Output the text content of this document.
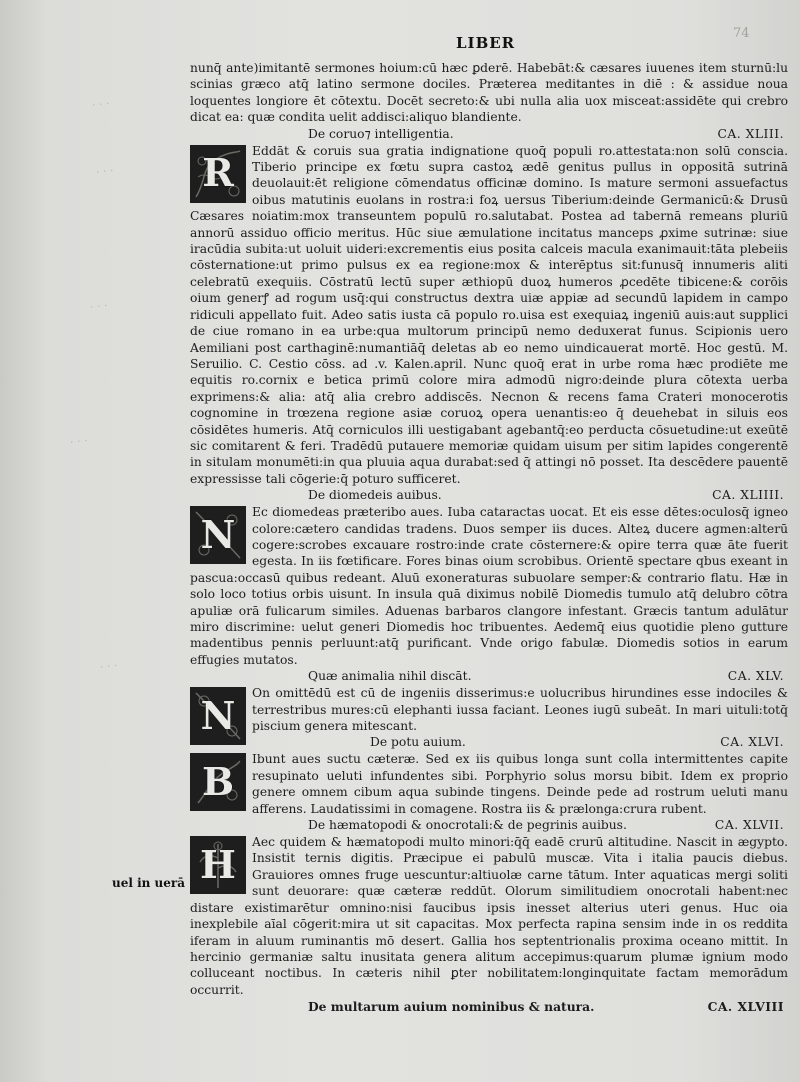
· · ·
· · ·
· · ·
· · ·
· · ·
LIBER
74
uel in uerā

nunq̄ ante)imitantē sermones hoium:cū hæc ꝑderē. Habebāt:& cæsares iuuenes item sturnū:lu scinias græco atq̄ latino sermone dociles. Præterea meditantes in diē : & assidue noua loquentes longiore ēt cōtextu. Docēt secreto:& ubi nulla alia uox misceat:assidēte qui crebro dicat ea: quæ condita uelit addisci:aliquo blandiente.

De coruo⁊ intelligentia.	CA. XLIII.
R	Eddāt & coruis sua gratia indignatione quoq̄ populi ro.attestata:non solū conscia. Tiberio principe ex fœtu supra castoꝝ ædē genitus pullus in oppositā sutrinā deuolauit:ēt religione cōmendatus officinæ domino. Is mature sermoni assuefactus oibus matutinis euolans in rostra:i foꝝ uersus Tiberium:deinde Germanicū:& Drusū Cæsares noiatim:mox transeuntem populū ro.salutabat. Postea ad tabernā remeans pluriū annorū assiduo officio meritus. Hūc siue æmulatione incitatus manceps ꝓxime sutrinæ: siue iracūdia subita:ut uoluit uideri:excrementis eius posita calceis macula exanimauit:tāta plebeiis cōsternatione:ut primo pulsus ex ea regione:mox & interēptus sit:funusq̄ innumeris aliti celebratū exequiis. Cōstratū lectū super æthiopū duoꝝ humeros ꝓcedēte tibicene:& corōis oium generꝭ ad rogum usq̄:qui constructus dextra uiæ appiæ ad secundū lapidem in campo ridiculi appellato fuit. Adeo satis iusta cā populo ro.uisa est exequiaꝝ ingeniū auis:aut supplici de ciue romano in ea urbe:qua multorum principū nemo deduxerat funus. Scipionis uero Aemiliani post carthaginē:numantiāq̄ deletas ab eo nemo uindicauerat mortē. Hoc gestū. M. Seruilio. C. Cestio cōss. ad .v. Kalen.april. Nunc quoq̄ erat in urbe roma hæc prodiēte me equitis ro.cornix e betica primū colore mira admodū nigro:deinde plura cōtexta uerba exprimens:& alia: atq̄ alia crebro addiscēs. Necnon & recens fama Crateri monocerotis cognomine in trœzena regione asiæ coruoꝝ opera uenantis:eo q̄ deuehebat in siluis eos cōsidētes humeris. Atq̄ corniculos illi uestigabant agebantq̄:eo perducta cōsuetudine:ut exeūtē sic comitarent & feri. Tradēdū putauere memoriæ quidam uisum per sitim lapides congerentē in situlam monumēti:in qua pluuia aqua durabat:sed q̄ attingi nō posset. Ita descēdere pauentē expressisse tali cōgerie:q̄ poturo sufficeret.

De diomedeis auibus.	CA. XLIIII.
N	Ec diomedeas præteribo aues. Iuba cataractas uocat. Et eis esse dētes:oculosq̄ igneo colore:cætero candidas tradens. Duos semper iis duces. Alteꝝ ducere agmen:alterū cogere:scrobes excauare rostro:inde crate cōsternere:& opire terra quæ āte fuerit egesta. In iis fœtificare. Fores binas oium scrobibus. Orientē spectare qbus exeant in pascua:occasū quibus redeant. Aluū exoneraturas subuolare semper:& contrario flatu. Hæ in solo loco totius orbis uisunt. In insula quā diximus nobilē Diomedis tumulo atq̄ delubro cōtra apuliæ orā fulicarum similes. Aduenas barbaros clangore infestant. Græcis tantum adulātur miro discrimine: uelut generi Diomedis hoc tribuentes. Aedemq̄ eius quotidie pleno gutture madentibus pennis perluunt:atq̄ purificant. Vnde origo fabulæ. Diomedis sotios in earum effugies mutatos.

Quæ animalia nihil discāt.	CA. XLV.
N	On omittēdū est cū de ingeniis disserimus:e uolucribus hirundines esse indociles & terrestribus mures:cū elephanti iussa faciant. Leones iugū subeāt. In mari uituli:totq̄ piscium genera mitescant.

De potu auium.	CA. XLVI.
B	Ibunt aues suctu cæteræ. Sed ex iis quibus longa sunt colla intermittentes capite resupinato ueluti infundentes sibi. Porphyrio solus morsu bibit. Idem ex proprio genere omnem cibum aqua subinde tingens. Deinde pede ad rostrum ueluti manu afferens. Laudatissimi in comagene. Rostra iis & prælonga:crura rubent.

De hæmatopodi & onocrotali:& de pegrinis auibus.	CA. XLVII.
H	Aec quidem & hæmatopodi multo minori:q̄q̄ eadē crurū altitudine. Nascit in ægypto. Insistit ternis digitis. Præcipue ei pabulū muscæ. Vita i italia paucis diebus. Grauiores omnes fruge uescuntur:altiuolæ carne tātum. Inter aquaticas mergi soliti sunt deuorare: quæ cæteræ reddūt. Olorum similitudiem onocrotali habent:nec distare existimarētur omnino:nisi faucibus ipsis inesset alterius uteri genus. Huc oia inexplebile aīal cōgerit:mira ut sit capacitas. Mox perfecta rapina sensim inde in os reddita iferam in aluum ruminantis mō desert. Gallia hos septentrionalis proxima oceano mittit. In hercinio germaniæ saltu inusitata genera alitum accepimus:quarum plumæ ignium modo colluceant noctibus. In cæteris nihil ꝑter nobilitatem:longinquitate factam memorādum occurrit.

De multarum auium nominibus & natura.	CA. XLVIII
